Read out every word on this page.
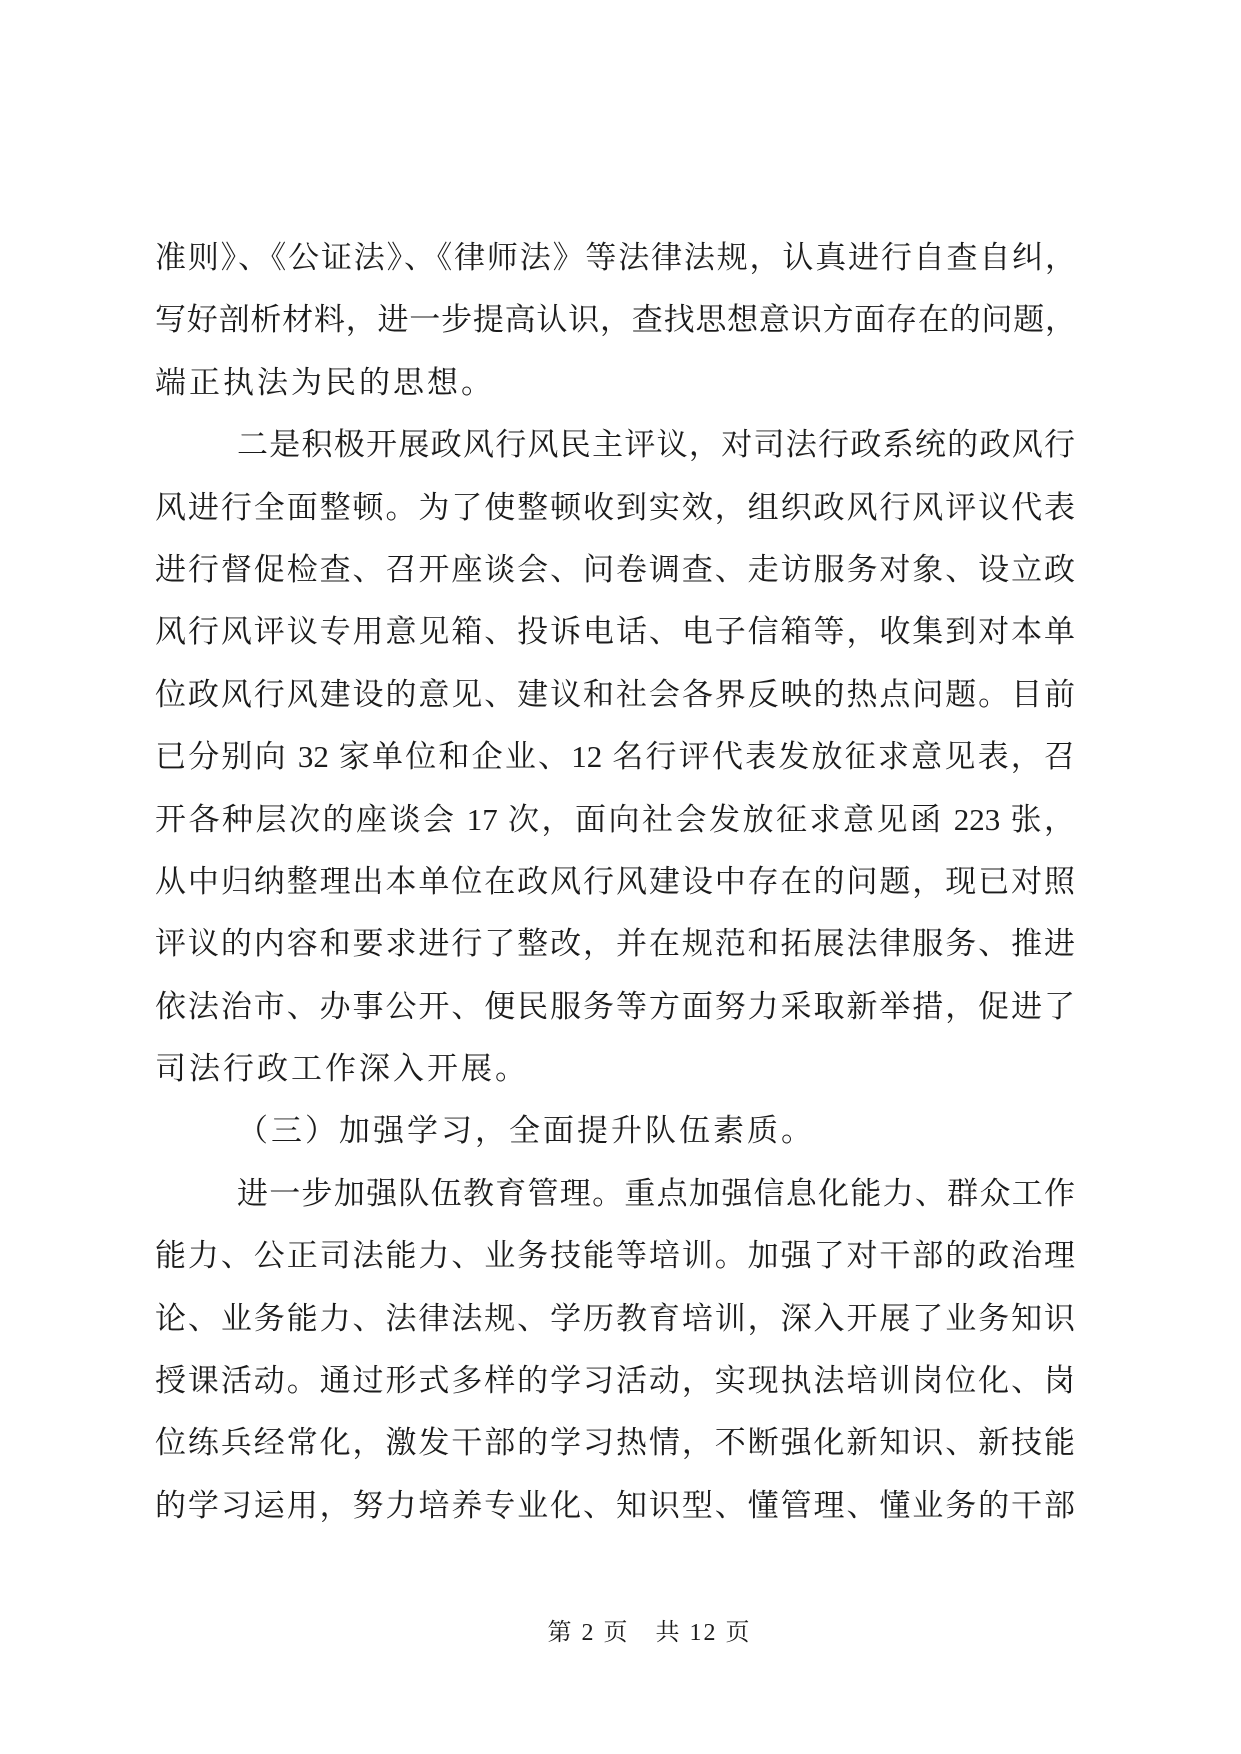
准则》、《公证法》、《律师法》等法律法规，认真进行自查自纠，
写好剖析材料，进一步提高认识，查找思想意识方面存在的问题，
端正执法为民的思想。
二是积极开展政风行风民主评议，对司法行政系统的政风行
风进行全面整顿。为了使整顿收到实效，组织政风行风评议代表
进行督促检查、召开座谈会、问卷调查、走访服务对象、设立政
风行风评议专用意见箱、投诉电话、电子信箱等，收集到对本单
位政风行风建设的意见、建议和社会各界反映的热点问题。目前
已分别向 32 家单位和企业、12 名行评代表发放征求意见表，召
开各种层次的座谈会 17 次，面向社会发放征求意见函 223 张，
从中归纳整理出本单位在政风行风建设中存在的问题，现已对照
评议的内容和要求进行了整改，并在规范和拓展法律服务、推进
依法治市、办事公开、便民服务等方面努力采取新举措，促进了
司法行政工作深入开展。
（三）加强学习，全面提升队伍素质。
进一步加强队伍教育管理。重点加强信息化能力、群众工作
能力、公正司法能力、业务技能等培训。加强了对干部的政治理
论、业务能力、法律法规、学历教育培训，深入开展了业务知识
授课活动。通过形式多样的学习活动，实现执法培训岗位化、岗
位练兵经常化，激发干部的学习热情，不断强化新知识、新技能
的学习运用，努力培养专业化、知识型、懂管理、懂业务的干部
第 2 页　共 12 页
